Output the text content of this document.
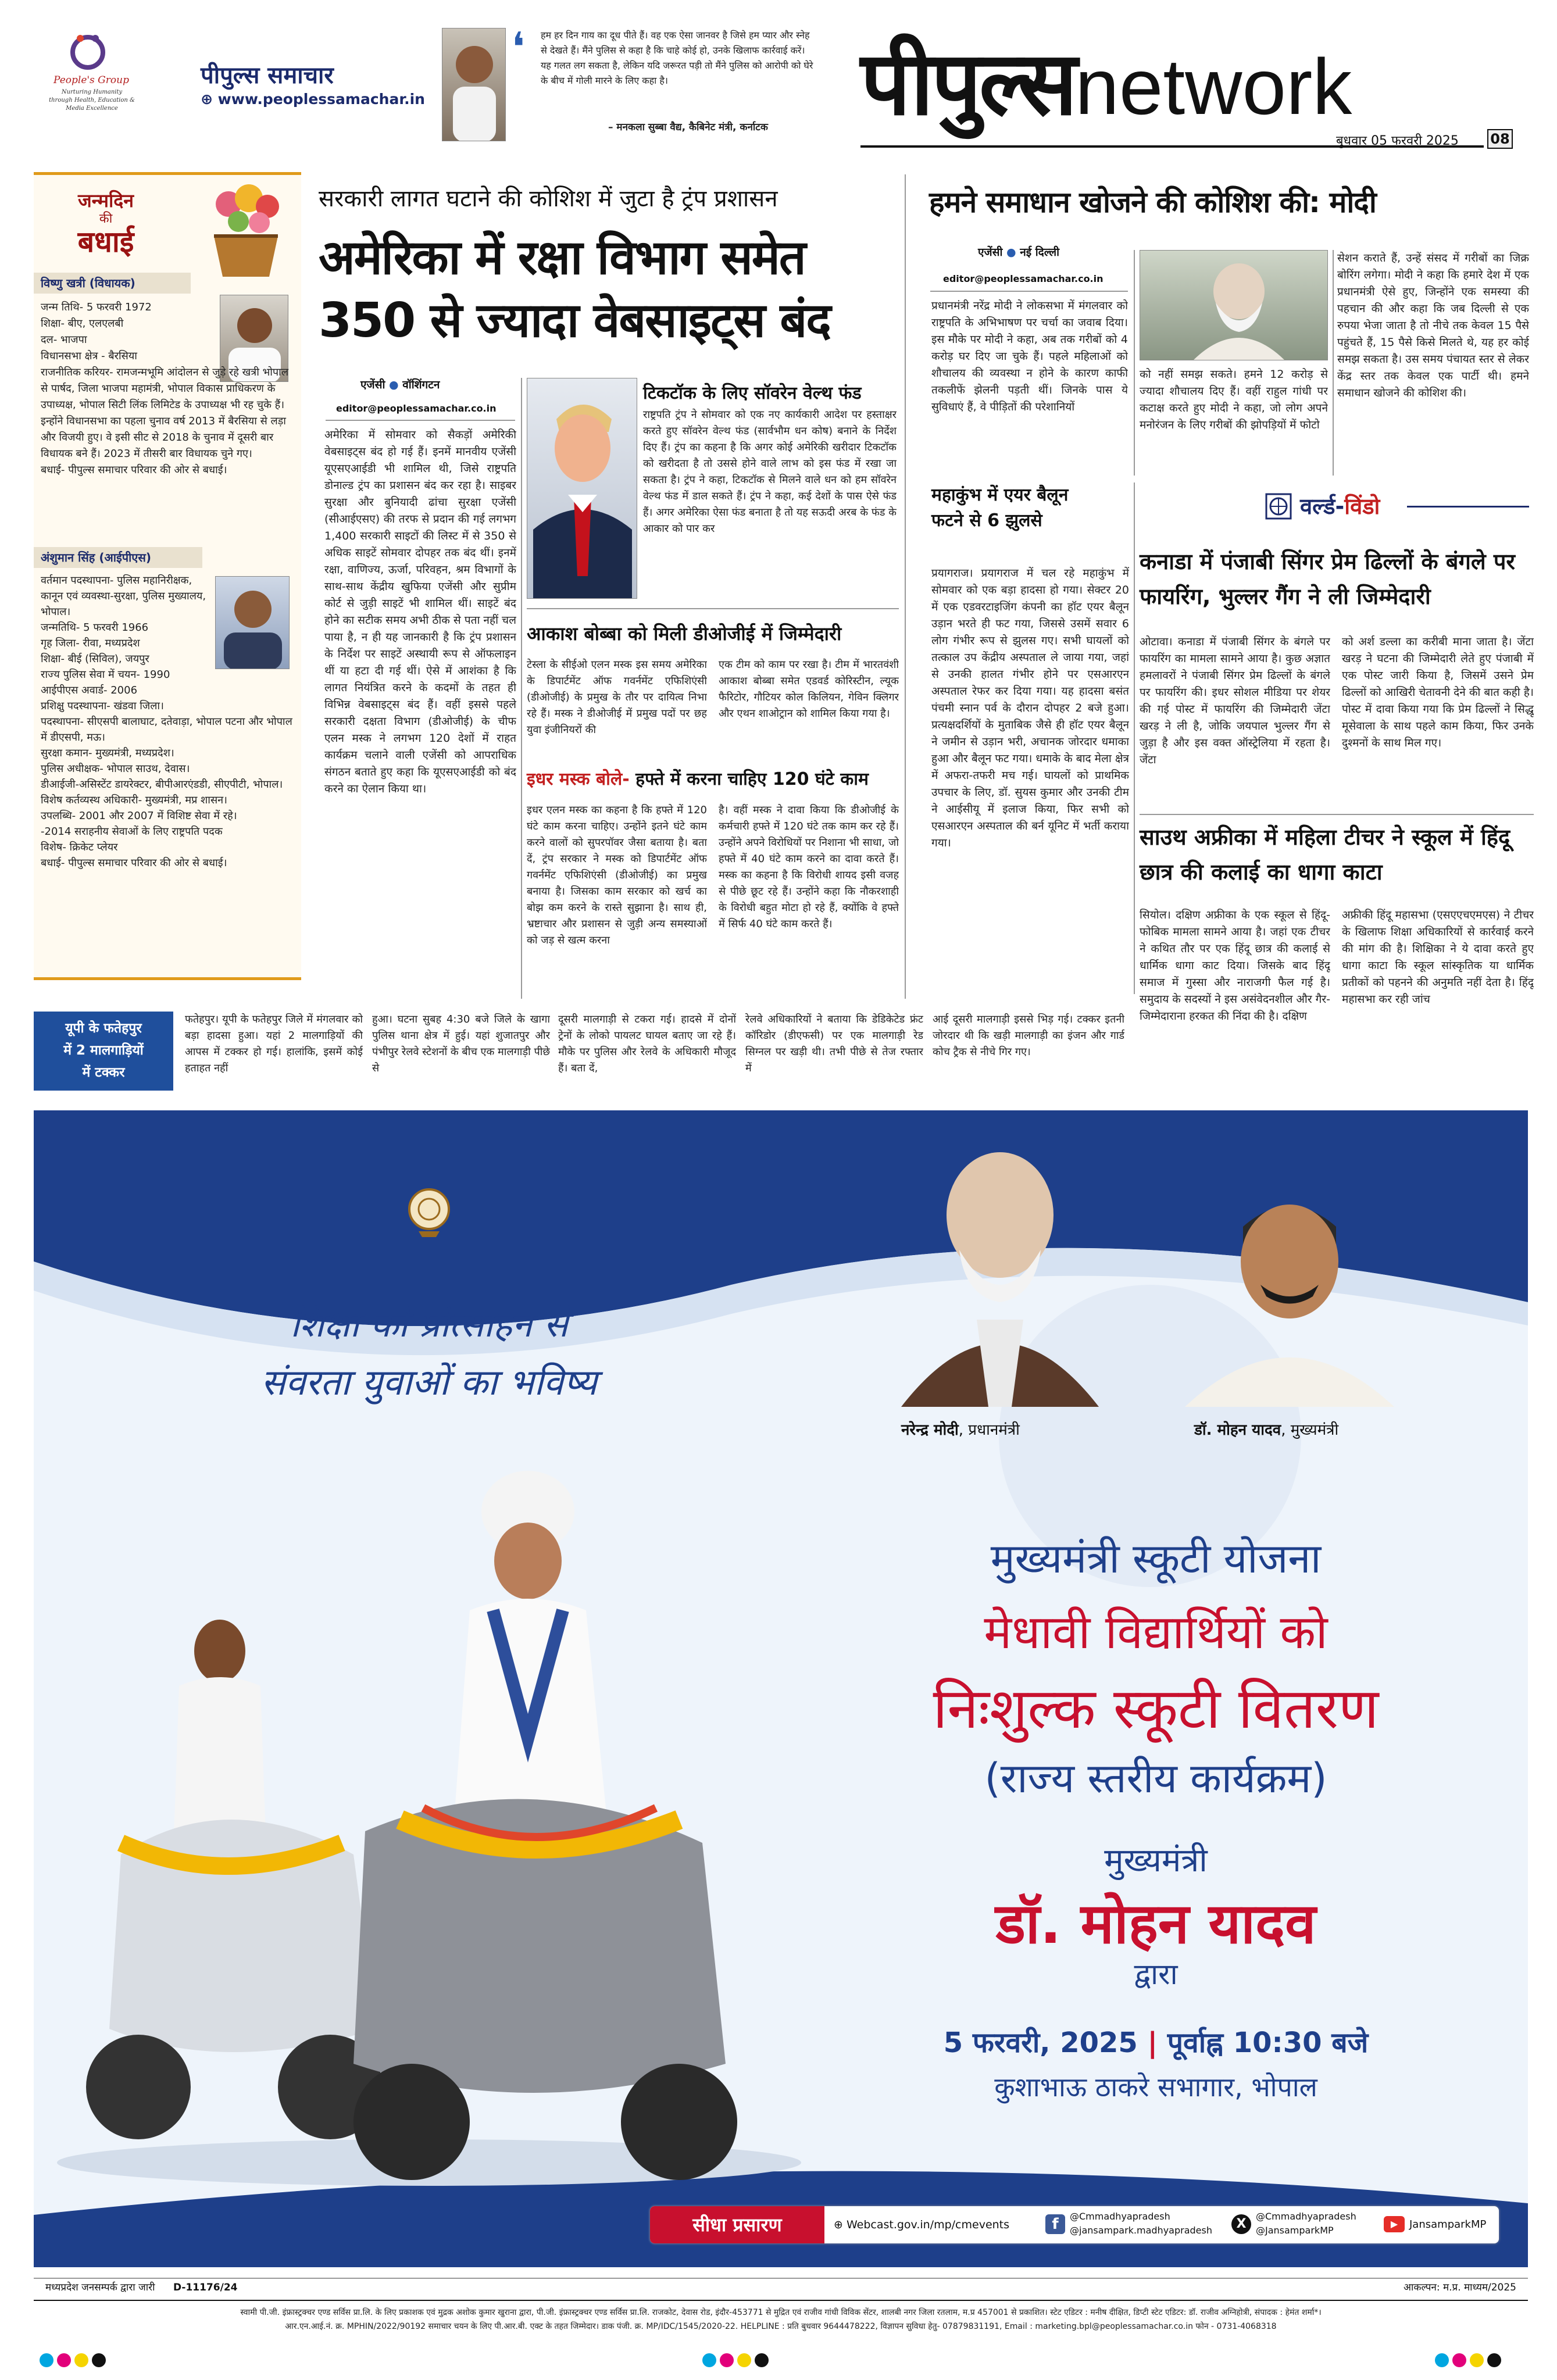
People's Group
Nurturing Humanity through Health, Education & Media Excellence
पीपुल्स समाचार
⊕ www.peoplessamachar.in
❛ हम हर दिन गाय का दूध पीते हैं। वह एक ऐसा जानवर है जिसे हम प्यार और स्नेह से देखते हैं। मैंने पुलिस से कहा है कि चाहे कोई हो, उनके खिलाफ कार्रवाई करें। यह गलत लग सकता है, लेकिन यदि जरूरत पड़ी तो मैंने पुलिस को आरोपी को घेरे के बीच में गोली मारने के लिए कहा है।
– मनकला सुब्बा वैद्य, कैबिनेट मंत्री, कर्नाटक पीपुल्सnetwork
बुधवार 05 फरवरी 2025 08
जन्मदिन
की
बधाई
विष्णु खत्री (विधायक)
जन्म तिथि- 5 फरवरी 1972
शिक्षा- बीए, एलएलबी
दल- भाजपा
विधानसभा क्षेत्र - बैरसिया
राजनीतिक करियर- रामजन्मभूमि आंदोलन से जुड़े रहे खत्री भोपाल से पार्षद, जिला भाजपा महामंत्री, भोपाल विकास प्राधिकरण के उपाध्यक्ष, भोपाल सिटी लिंक लिमिटेड के उपाध्यक्ष भी रह चुके हैं। इन्होंने विधानसभा का पहला चुनाव वर्ष 2013 में बैरसिया से लड़ा और विजयी हुए। वे इसी सीट से 2018 के चुनाव में दूसरी बार विधायक बने हैं। 2023 में तीसरी बार विधायक चुने गए।
बधाई- पीपुल्स समाचार परिवार की ओर से बधाई।
अंशुमान सिंह (आईपीएस)
वर्तमान पदस्थापना- पुलिस महानिरीक्षक, कानून एवं व्यवस्था-सुरक्षा, पुलिस मुख्यालय, भोपाल।
जन्मतिथि- 5 फरवरी 1966
गृह जिला- रीवा, मध्यप्रदेश
शिक्षा- बीई (सिविल), जयपुर
राज्य पुलिस सेवा में चयन- 1990
आईपीएस अवार्ड- 2006
प्रशिक्षु पदस्थापना- खंडवा जिला।
पदस्थापना- सीएसपी बालाघाट, दतेवाड़ा, भोपाल पटना और भोपाल में डीएसपी, मऊ।
सुरक्षा कमान- मुख्यमंत्री, मध्यप्रदेश।
पुलिस अधीक्षक- भोपाल साउथ, देवास।
डीआईजी-असिस्टेंट डायरेक्टर, बीपीआरएंडडी, सीएपीटी, भोपाल।
विशेष कर्तव्यस्थ अधिकारी- मुख्यमंत्री, मप्र शासन।
उपलब्धि- 2001 और 2007 में विशिष्ट सेवा में रहे।
-2014 सराहनीय सेवाओं के लिए राष्ट्रपति पदक
विशेष- क्रिकेट प्लेयर
बधाई- पीपुल्स समाचार परिवार की ओर से बधाई।
सरकारी लागत घटाने की कोशिश में जुटा है ट्रंप प्रशासन
अमेरिका में रक्षा विभाग समेत
350 से ज्यादा वेबसाइट्स बंद
एजेंसी ● वॉशिंगटन
editor@peoplessamachar.co.in
अमेरिका में सोमवार को सैकड़ों अमेरिकी वेबसाइट्स बंद हो गई हैं। इनमें मानवीय एजेंसी यूएसएआईडी भी शामिल थी, जिसे राष्ट्रपति डोनाल्ड ट्रंप का प्रशासन बंद कर रहा है। साइबर सुरक्षा और बुनियादी ढांचा सुरक्षा एजेंसी (सीआईएसए) की तरफ से प्रदान की गई लगभग 1,400 सरकारी साइटों की लिस्ट में से 350 से अधिक साइटें सोमवार दोपहर तक बंद थीं। इनमें रक्षा, वाणिज्य, ऊर्जा, परिवहन, श्रम विभागों के साथ-साथ केंद्रीय खुफिया एजेंसी और सुप्रीम कोर्ट से जुड़ी साइटें भी शामिल थीं। साइटें बंद होने का सटीक समय अभी ठीक से पता नहीं चल पाया है, न ही यह जानकारी है कि ट्रंप प्रशासन के निर्देश पर साइटें अस्थायी रूप से ऑफलाइन थीं या हटा दी गई थीं। ऐसे में आशंका है कि लागत नियंत्रित करने के कदमों के तहत ही विभिन्न वेबसाइट्स बंद हैं। वहीं इससे पहले सरकारी दक्षता विभाग (डीओजीई) के चीफ एलन मस्क ने लगभग 120 देशों में राहत कार्यक्रम चलाने वाली एजेंसी को आपराधिक संगठन बताते हुए कहा कि यूएसएआईडी को बंद करने का ऐलान किया था।
टिकटॉक के लिए सॉवरेन वेल्थ फंड
राष्ट्रपति ट्रंप ने सोमवार को एक नए कार्यकारी आदेश पर हस्ताक्षर करते हुए सॉवरेन वेल्थ फंड (सार्वभौम धन कोष) बनाने के निर्देश दिए हैं। ट्रंप का कहना है कि अगर कोई अमेरिकी खरीदार टिकटॉक को खरीदता है तो उससे होने वाले लाभ को इस फंड में रखा जा सकता है। ट्रंप ने कहा, टिकटॉक से मिलने वाले धन को हम सॉवरेन वेल्थ फंड में डाल सकते हैं। ट्रंप ने कहा, कई देशों के पास ऐसे फंड हैं। अगर अमेरिका ऐसा फंड बनाता है तो यह सऊदी अरब के फंड के आकार को पार कर
आकाश बोब्बा को मिली डीओजीई में जिम्मेदारी
टेस्ला के सीईओ एलन मस्क इस समय अमेरिका के डिपार्टमेंट ऑफ गवर्नमेंट एफिशिएंसी (डीओजीई) के प्रमुख के तौर पर दायित्व निभा रहे हैं। मस्क ने डीओजीई में प्रमुख पदों पर छह युवा इंजीनियरों की
एक टीम को काम पर रखा है। टीम में भारतवंशी आकाश बोब्बा समेत एडवर्ड कोरिस्टीन, ल्यूक फैरिटोर, गौटियर कोल किलियन, गेविन क्लिगर और एथन शाओट्रान को शामिल किया गया है।
इधर मस्क बोले- हफ्ते में करना चाहिए 120 घंटे काम
इधर एलन मस्क का कहना है कि हफ्ते में 120 घंटे काम करना चाहिए। उन्होंने इतने घंटे काम करने वालों को सुपरपॉवर जैसा बताया है। बता दें, ट्रंप सरकार ने मस्क को डिपार्टमेंट ऑफ गवर्नमेंट एफिशिएंसी (डीओजीई) का प्रमुख बनाया है। जिसका काम सरकार को खर्च का बोझ कम करने के रास्ते सुझाना है। साथ ही, भ्रष्टाचार और प्रशासन से जुड़ी अन्य समस्याओं को जड़ से खत्म करना
है। वहीं मस्क ने दावा किया कि डीओजीई के कर्मचारी हफ्ते में 120 घंटे तक काम कर रहे हैं। उन्होंने अपने विरोधियों पर निशाना भी साधा, जो हफ्ते में 40 घंटे काम करने का दावा करते हैं। मस्क का कहना है कि विरोधी शायद इसी वजह से पीछे छूट रहे हैं। उन्होंने कहा कि नौकरशाही के विरोधी बहुत मोटा हो रहे हैं, क्योंकि वे हफ्ते में सिर्फ 40 घंटे काम करते हैं।
हमने समाधान खोजने की कोशिश की: मोदी
एजेंसी ● नई दिल्ली
editor@peoplessamachar.co.in
प्रधानमंत्री नरेंद्र मोदी ने लोकसभा में मंगलवार को राष्ट्रपति के अभिभाषण पर चर्चा का जवाब दिया। इस मौके पर मोदी ने कहा, अब तक गरीबों को 4 करोड़ घर दिए जा चुके हैं। पहले महिलाओं को शौचालय की व्यवस्था न होने के कारण काफी तकलीफें झेलनी पड़ती थीं। जिनके पास ये सुविधाएं हैं, वे पीड़ितों की परेशानियों
को नहीं समझ सकते। हमने 12 करोड़ से ज्यादा शौचालय दिए हैं। वहीं राहुल गांधी पर कटाक्ष करते हुए मोदी ने कहा, जो लोग अपने मनोरंजन के लिए गरीबों की झोपड़ियों में फोटो
सेशन कराते हैं, उन्हें संसद में गरीबों का जिक्र बोरिंग लगेगा। मोदी ने कहा कि हमारे देश में एक प्रधानमंत्री ऐसे हुए, जिन्होंने एक समस्या की पहचान की और कहा कि जब दिल्ली से एक रुपया भेजा जाता है तो नीचे तक केवल 15 पैसे पहुंचते हैं, 15 पैसे किसे मिलते थे, यह हर कोई समझ सकता है। उस समय पंचायत स्तर से लेकर केंद्र स्तर तक केवल एक पार्टी थी। हमने समाधान खोजने की कोशिश की।
महाकुंभ में एयर बैलून
फटने से 6 झुलसे
प्रयागराज। प्रयागराज में चल रहे महाकुंभ में सोमवार को एक बड़ा हादसा हो गया। सेक्टर 20 में एक एडवरटाइजिंग कंपनी का हॉट एयर बैलून उड़ान भरते ही फट गया, जिससे उसमें सवार 6 लोग गंभीर रूप से झुलस गए। सभी घायलों को तत्काल उप केंद्रीय अस्पताल ले जाया गया, जहां से उनकी हालत गंभीर होने पर एसआरएन अस्पताल रेफर कर दिया गया। यह हादसा बसंत पंचमी स्नान पर्व के दौरान दोपहर 2 बजे हुआ। प्रत्यक्षदर्शियों के मुताबिक जैसे ही हॉट एयर बैलून ने जमीन से उड़ान भरी, अचानक जोरदार धमाका हुआ और बैलून फट गया। धमाके के बाद मेला क्षेत्र में अफरा-तफरी मच गई। घायलों को प्राथमिक उपचार के लिए, डॉ. सुयस कुमार और उनकी टीम ने आईसीयू में इलाज किया, फिर सभी को एसआरएन अस्पताल की बर्न यूनिट में भर्ती कराया गया।
वर्ल्ड-विंडो
कनाडा में पंजाबी सिंगर प्रेम ढिल्लों के बंगले पर फायरिंग, भुल्लर गैंग ने ली जिम्मेदारी
ओटावा। कनाडा में पंजाबी सिंगर के बंगले पर फायरिंग का मामला सामने आया है। कुछ अज्ञात हमलावरों ने पंजाबी सिंगर प्रेम ढिल्लों के बंगले पर फायरिंग की। इधर सोशल मीडिया पर शेयर की गई पोस्ट में फायरिंग की जिम्मेदारी जेंटा खरड़ ने ली है, जोकि जयपाल भुल्लर गैंग से जुड़ा है और इस वक्त ऑस्ट्रेलिया में रहता है। जेंटा
को अर्श डल्ला का करीबी माना जाता है। जेंटा खरड़ ने घटना की जिम्मेदारी लेते हुए पंजाबी में एक पोस्ट जारी किया है, जिसमें उसने प्रेम ढिल्लों को आखिरी चेतावनी देने की बात कही है। पोस्ट में दावा किया गया कि प्रेम ढिल्लों ने सिद्धू मूसेवाला के साथ पहले काम किया, फिर उनके दुश्मनों के साथ मिल गए।
साउथ अफ्रीका में महिला टीचर ने स्कूल में हिंदू छात्र की कलाई का धागा काटा
सियोल। दक्षिण अफ्रीका के एक स्कूल से हिंदू-फोबिक मामला सामने आया है। जहां एक टीचर ने कथित तौर पर एक हिंदू छात्र की कलाई से धार्मिक धागा काट दिया। जिसके बाद हिंदू समाज में गुस्सा और नाराजगी फैल गई है। समुदाय के सदस्यों ने इस असंवेदनशील और गैर-जिम्मेदाराना हरकत की निंदा की है। दक्षिण
अफ्रीकी हिंदू महासभा (एसएएचएमएस) ने टीचर के खिलाफ शिक्षा अधिकारियों से कार्रवाई करने की मांग की है। शिक्षिका ने ये दावा करते हुए धागा काटा कि स्कूल सांस्कृतिक या धार्मिक प्रतीकों को पहनने की अनुमति नहीं देता है। हिंदू महासभा कर रही जांच
यूपी के फतेहपुर
में 2 मालगाड़ियों
में टक्कर
फतेहपुर। यूपी के फतेहपुर जिले में मंगलवार को बड़ा हादसा हुआ। यहां 2 मालगाड़ियों की आपस में टक्कर हो गई। हालांकि, इसमें कोई हताहत नहीं
हुआ। घटना सुबह 4:30 बजे जिले के खागा पुलिस थाना क्षेत्र में हुई। यहां शुजातपुर और पंभीपुर रेलवे स्टेशनों के बीच एक मालगाड़ी पीछे से
दूसरी मालगाड़ी से टकरा गई। हादसे में दोनों ट्रेनों के लोको पायलट घायल बताए जा रहे हैं। मौके पर पुलिस और रेलवे के अधिकारी मौजूद हैं। बता दें,
रेलवे अधिकारियों ने बताया कि डेडिकेटेड फ्रंट कॉरिडोर (डीएफसी) पर एक मालगाड़ी रेड सिग्नल पर खड़ी थी। तभी पीछे से तेज रफ्तार में
आई दूसरी मालगाड़ी इससे भिड़ गई। टक्कर इतनी जोरदार थी कि खड़ी मालगाड़ी का इंजन और गार्ड कोच ट्रैक से नीचे गिर गए।
शिक्षा को प्रोत्साहन से
संवरता युवाओं का भविष्य
नरेन्द्र मोदी, प्रधानमंत्री	डॉ. मोहन यादव, मुख्यमंत्री
मुख्यमंत्री स्कूटी योजना
मेधावी विद्यार्थियों को
निःशुल्क स्कूटी वितरण
(राज्य स्तरीय कार्यक्रम)
मुख्यमंत्री
डॉ. मोहन यादव
द्वारा
5 फरवरी, 2025 | पूर्वाह्न 10:30 बजे
कुशाभाऊ ठाकरे सभागार, भोपाल
सीधा प्रसारण	⊕ Webcast.gov.in/mp/cmevents	f	@Cmmadhyapradesh
@jansampark.madhyapradesh	X
@Cmmadhyapradesh
@JansamparkMP
▶	JansamparkMP
मध्यप्रदेश जनसम्पर्क द्वारा जारी D-11176/24	आकल्पन: म.प्र. माध्यम/2025
स्वामी पी.जी. इंफ्रास्ट्रक्चर एण्ड सर्विस प्रा.लि. के लिए प्रकाशक एवं मुद्रक अशोक कुमार खुराना द्वारा, पी.जी. इंफ्रास्ट्रक्चर एण्ड सर्विस प्रा.लि. राजकोट, देवास रोड, इंदौर-453771 से मुद्रित एवं राजीव गांधी विविक सेंटर, शालबी नगर जिला रतलाम, म.प्र 457001 से प्रकाशित। स्टेट एडिटर : मनीष दीक्षित, डिप्टी स्टेट एडिटर: डॉ. राजीव अग्निहोत्री, संपादक : हेमंत शर्मा*।
आर.एन.आई.नं. क्र. MPHIN/2022/90192 समाचार चयन के लिए पी.आर.बी. एक्ट के तहत जिम्मेदार। डाक पंजी. क्र. MP/IDC/1545/2020-22. HELPLINE : प्रति बुधवार 9644478222, विज्ञापन सुविधा हेतु- 07879831191, Email : marketing.bpl@peoplessamachar.co.in फोन - 0731-4068318
